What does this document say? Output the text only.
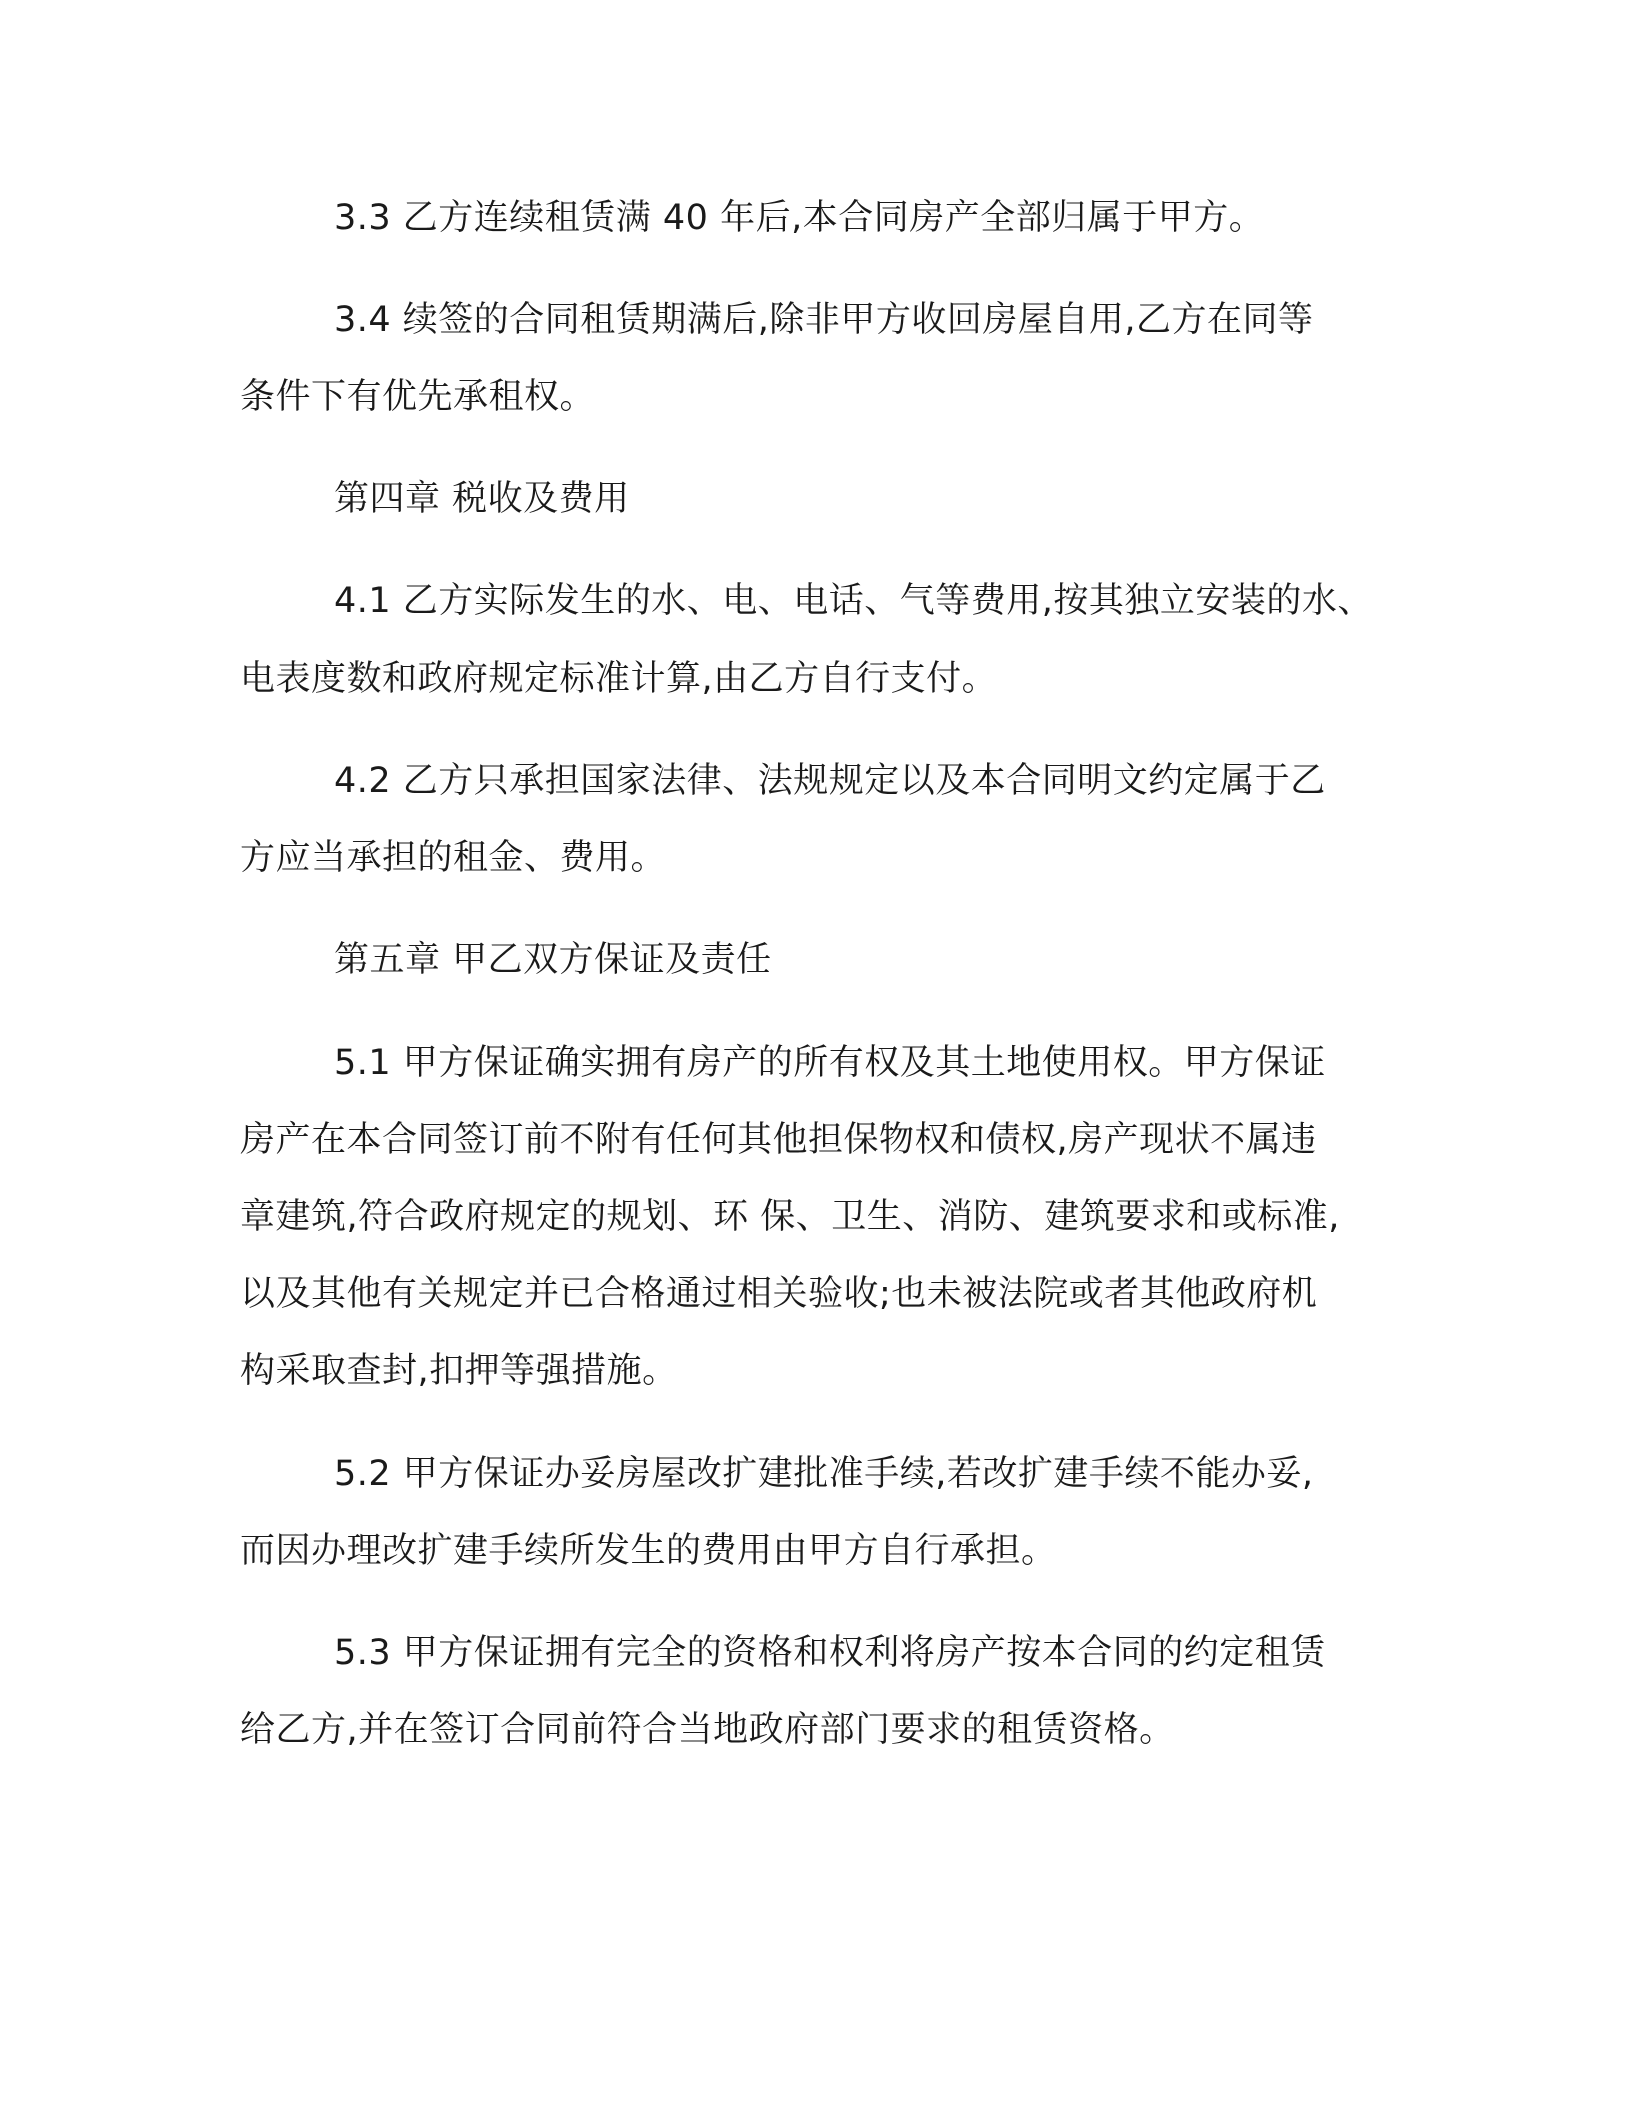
3.3 乙方连续租赁满 40 年后,本合同房产全部归属于甲方。
3.4 续签的合同租赁期满后,除非甲方收回房屋自用,乙方在同等
条件下有优先承租权。
第四章 税收及费用
4.1 乙方实际发生的水、电、电话、气等费用,按其独立安装的水、
电表度数和政府规定标准计算,由乙方自行支付。
4.2 乙方只承担国家法律、法规规定以及本合同明文约定属于乙
方应当承担的租金、费用。
第五章 甲乙双方保证及责任
5.1 甲方保证确实拥有房产的所有权及其土地使用权。甲方保证
房产在本合同签订前不附有任何其他担保物权和债权,房产现状不属违
章建筑,符合政府规定的规划、环 保、卫生、消防、建筑要求和或标准,
以及其他有关规定并已合格通过相关验收;也未被法院或者其他政府机
构采取查封,扣押等强措施。
5.2 甲方保证办妥房屋改扩建批准手续,若改扩建手续不能办妥,
而因办理改扩建手续所发生的费用由甲方自行承担。
5.3 甲方保证拥有完全的资格和权利将房产按本合同的约定租赁
给乙方,并在签订合同前符合当地政府部门要求的租赁资格。
